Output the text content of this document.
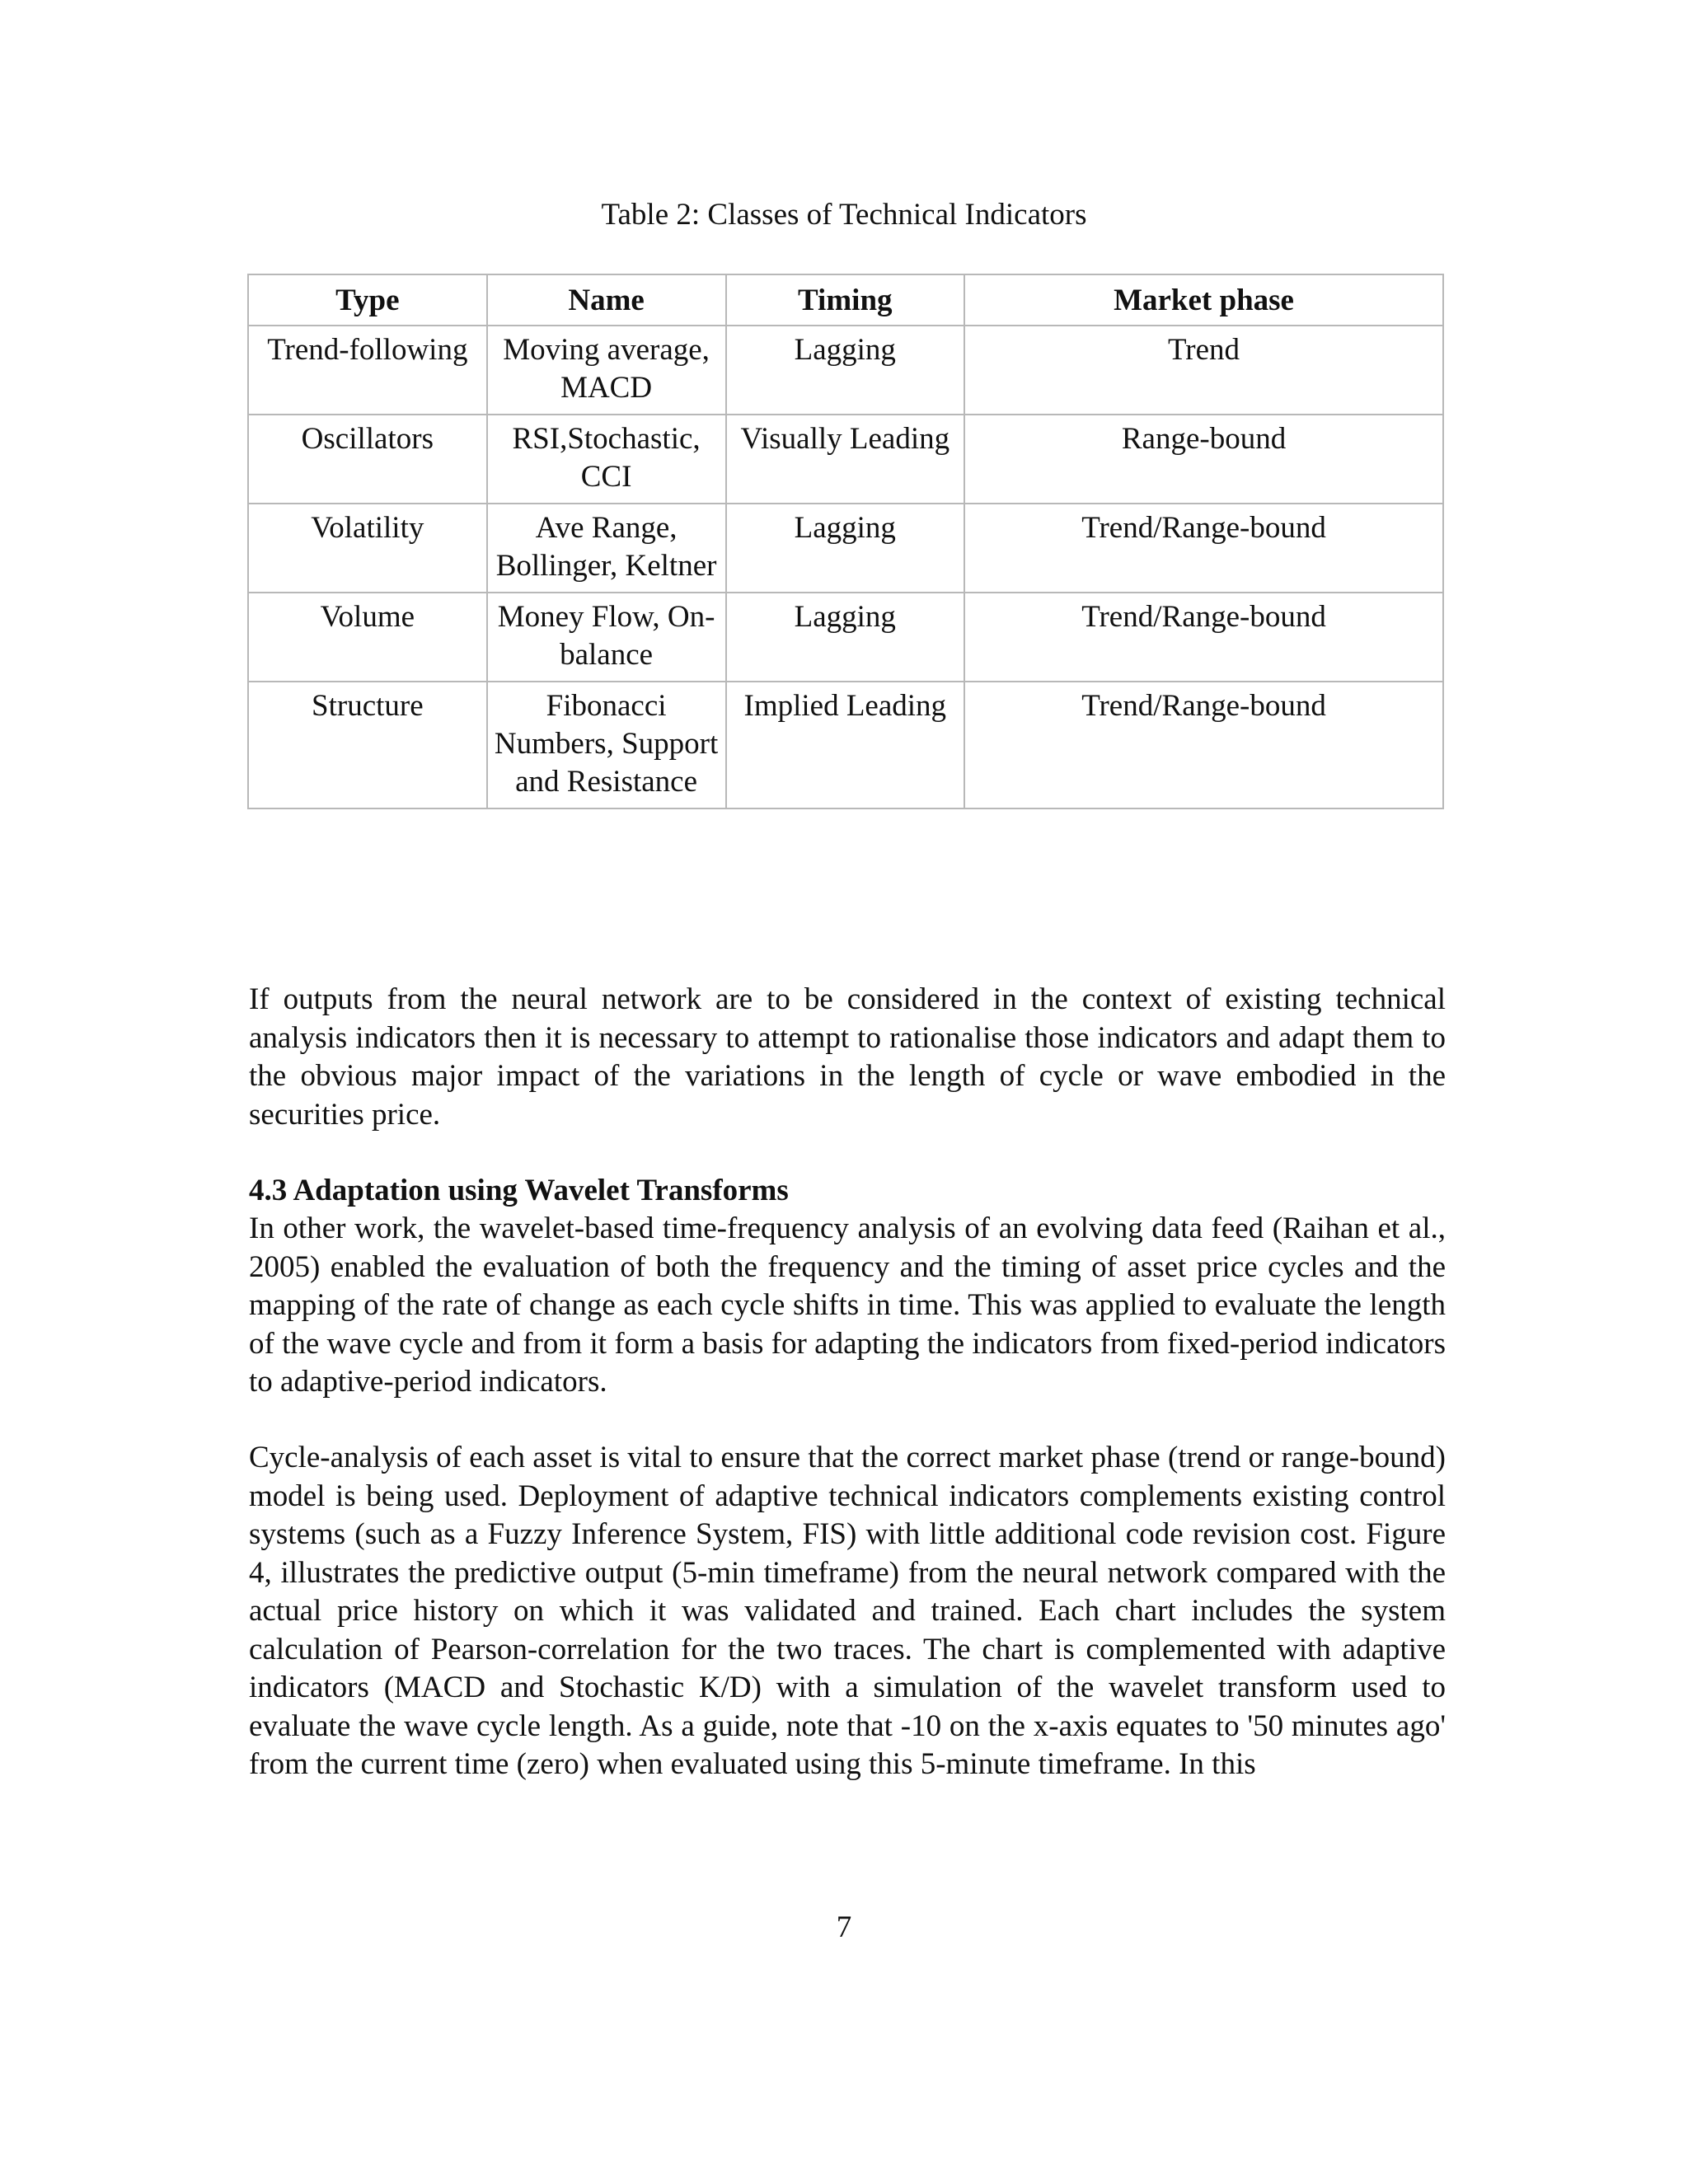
Table 2: Classes of Technical Indicators
Type	Name	Timing	Market phase
Trend-following	Moving average, MACD	Lagging	Trend
Oscillators	RSI,Stochastic, CCI	Visually Leading	Range-bound
Volatility	Ave Range, Bollinger, Keltner	Lagging	Trend/Range-bound
Volume	Money Flow, On-balance	Lagging	Trend/Range-bound
Structure	Fibonacci Numbers, Support and Resistance	Implied Leading	Trend/Range-bound

If outputs from the neural network are to be considered in the context of existing technical analysis indicators then it is necessary to attempt to rationalise those indicators and adapt them to the obvious major impact of the variations in the length of cycle or wave embodied in the securities price.

4.3 Adaptation using Wavelet Transforms

In other work, the wavelet-based time-frequency analysis of an evolving data feed (Raihan et al., 2005) enabled the evaluation of both the frequency and the timing of asset price cycles and the mapping of the rate of change as each cycle shifts in time. This was applied to evaluate the length of the wave cycle and from it form a basis for adapting the indicators from fixed-period indicators to adaptive-period indicators.

Cycle-analysis of each asset is vital to ensure that the correct market phase (trend or range-bound) model is being used. Deployment of adaptive technical indicators complements existing control systems (such as a Fuzzy Inference System, FIS) with little additional code revision cost. Figure 4, illustrates the predictive output (5-min timeframe) from the neural network compared with the actual price history on which it was validated and trained. Each chart includes the system calculation of Pearson-correlation for the two traces. The chart is complemented with adaptive indicators (MACD and Stochastic K/D) with a simulation of the wavelet transform used to evaluate the wave cycle length. As a guide, note that -10 on the x-axis equates to '50 minutes ago' from the current time (zero) when evaluated using this 5-minute timeframe. In this

7
